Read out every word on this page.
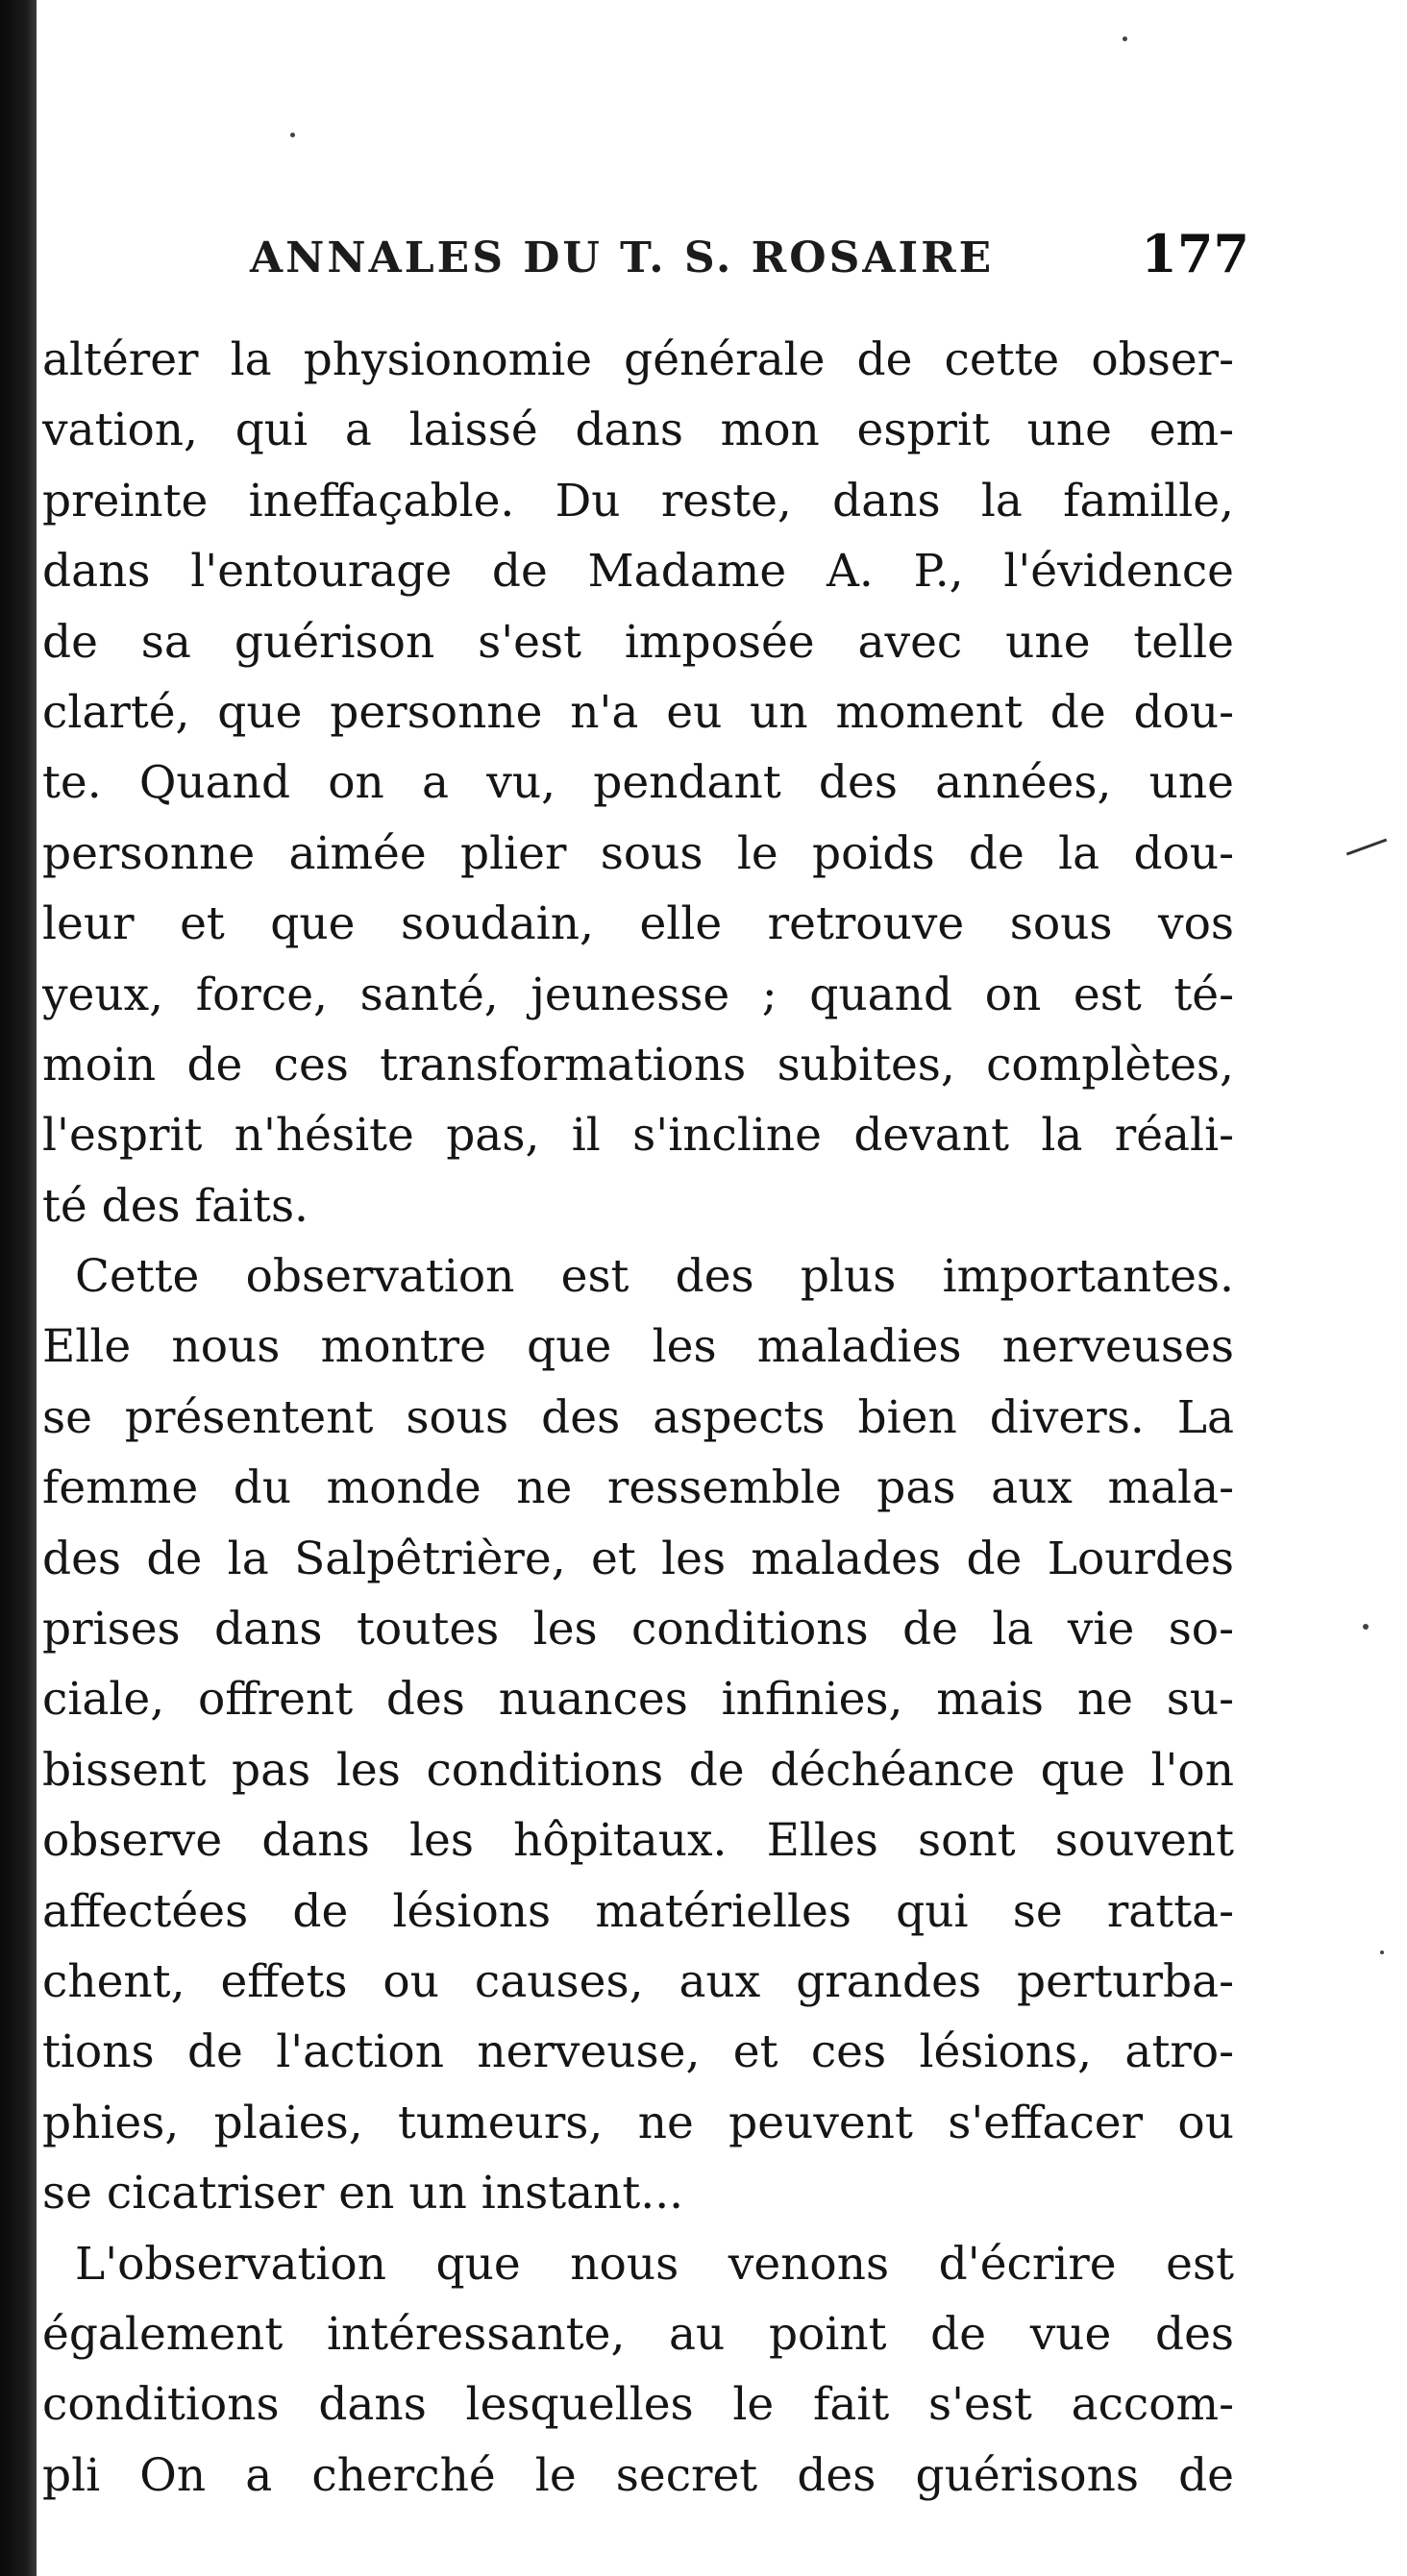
ANNALES DU T. S. ROSAIRE	177
altérer la physionomie générale de cette obser-
vation, qui a laissé dans mon esprit une em-
preinte ineffaçable. Du reste, dans la famille,
dans l'entourage de Madame A. P., l'évidence
de sa guérison s'est imposée avec une telle
clarté, que personne n'a eu un moment de dou-
te. Quand on a vu, pendant des années, une
personne aimée plier sous le poids de la dou-
leur et que soudain, elle retrouve sous vos
yeux, force, santé, jeunesse ; quand on est té-
moin de ces transformations subites, complètes,
l'esprit n'hésite pas, il s'incline devant la réali-
té des faits.
Cette observation est des plus importantes.
Elle nous montre que les maladies nerveuses
se présentent sous des aspects bien divers. La
femme du monde ne ressemble pas aux mala-
des de la Salpêtrière, et les malades de Lourdes
prises dans toutes les conditions de la vie so-
ciale, offrent des nuances infinies, mais ne su-
bissent pas les conditions de déchéance que l'on
observe dans les hôpitaux. Elles sont souvent
affectées de lésions matérielles qui se ratta-
chent, effets ou causes, aux grandes perturba-
tions de l'action nerveuse, et ces lésions, atro-
phies, plaies, tumeurs, ne peuvent s'effacer ou
se cicatriser en un instant...
L'observation que nous venons d'écrire est
également intéressante, au point de vue des
conditions dans lesquelles le fait s'est accom-
pli On a cherché le secret des guérisons de
